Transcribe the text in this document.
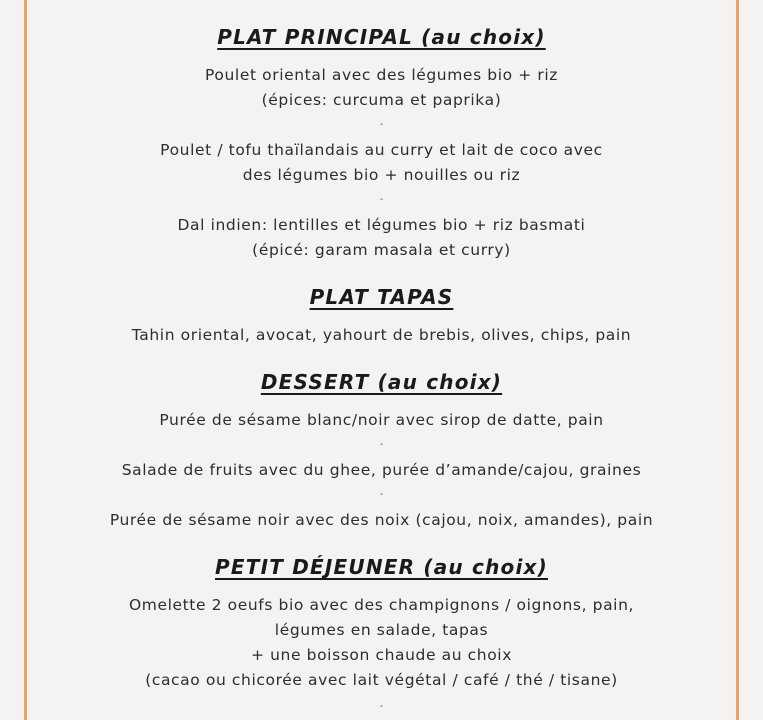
PLAT PRINCIPAL (au choix)
Poulet oriental avec des légumes bio + riz
(épices: curcuma et paprika)
-
Poulet / tofu thaïlandais au curry et lait de coco avec
des légumes bio + nouilles ou riz
-
Dal indien: lentilles et légumes bio + riz basmati
(épicé: garam masala et curry)
PLAT TAPAS
Tahin oriental, avocat, yahourt de brebis, olives, chips, pain
DESSERT (au choix)
Purée de sésame blanc/noir avec sirop de datte, pain
-
Salade de fruits avec du ghee, purée d’amande/cajou, graines
-
Purée de sésame noir avec des noix (cajou, noix, amandes), pain
PETIT DÉJEUNER (au choix)
Omelette 2 oeufs bio avec des champignons / oignons, pain,
légumes en salade, tapas
+ une boisson chaude au choix
(cacao ou chicorée avec lait végétal / café / thé / tisane)
-
